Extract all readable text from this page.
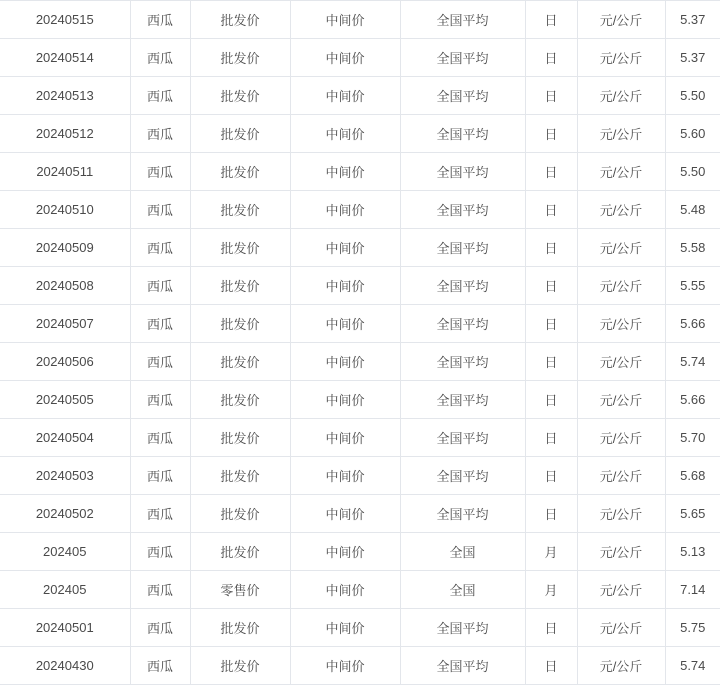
20240515	西瓜	批发价	中间价	全国平均	日	元/公斤	5.37
20240514	西瓜	批发价	中间价	全国平均	日	元/公斤	5.37
20240513	西瓜	批发价	中间价	全国平均	日	元/公斤	5.50
20240512	西瓜	批发价	中间价	全国平均	日	元/公斤	5.60
20240511	西瓜	批发价	中间价	全国平均	日	元/公斤	5.50
20240510	西瓜	批发价	中间价	全国平均	日	元/公斤	5.48
20240509	西瓜	批发价	中间价	全国平均	日	元/公斤	5.58
20240508	西瓜	批发价	中间价	全国平均	日	元/公斤	5.55
20240507	西瓜	批发价	中间价	全国平均	日	元/公斤	5.66
20240506	西瓜	批发价	中间价	全国平均	日	元/公斤	5.74
20240505	西瓜	批发价	中间价	全国平均	日	元/公斤	5.66
20240504	西瓜	批发价	中间价	全国平均	日	元/公斤	5.70
20240503	西瓜	批发价	中间价	全国平均	日	元/公斤	5.68
20240502	西瓜	批发价	中间价	全国平均	日	元/公斤	5.65
202405	西瓜	批发价	中间价	全国	月	元/公斤	5.13
202405	西瓜	零售价	中间价	全国	月	元/公斤	7.14
20240501	西瓜	批发价	中间价	全国平均	日	元/公斤	5.75
20240430	西瓜	批发价	中间价	全国平均	日	元/公斤	5.74
